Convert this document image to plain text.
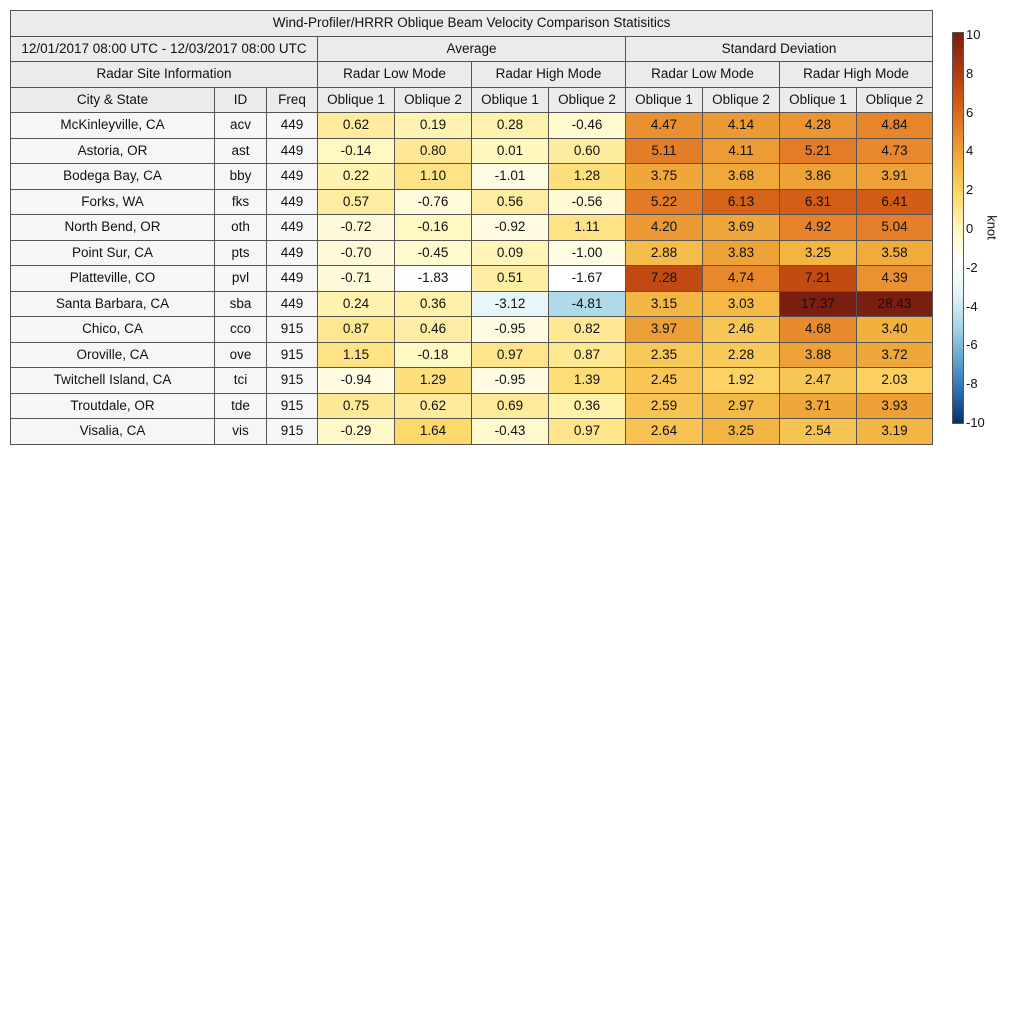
Wind-Profiler/HRRR Oblique Beam Velocity Comparison Statisitics										
12/01/2017 08:00 UTC - 12/03/2017 08:00 UTC			Average				Standard Deviation			
Radar Site Information			Radar Low Mode		Radar High Mode		Radar Low Mode		Radar High Mode	
City & State	ID	Freq	Oblique 1	Oblique 2	Oblique 1	Oblique 2	Oblique 1	Oblique 2	Oblique 1	Oblique 2
McKinleyville, CA	acv	449	0.62	0.19	0.28	-0.46	4.47	4.14	4.28	4.84
Astoria, OR	ast	449	-0.14	0.80	0.01	0.60	5.11	4.11	5.21	4.73
Bodega Bay, CA	bby	449	0.22	1.10	-1.01	1.28	3.75	3.68	3.86	3.91
Forks, WA	fks	449	0.57	-0.76	0.56	-0.56	5.22	6.13	6.31	6.41
North Bend, OR	oth	449	-0.72	-0.16	-0.92	1.11	4.20	3.69	4.92	5.04
Point Sur, CA	pts	449	-0.70	-0.45	0.09	-1.00	2.88	3.83	3.25	3.58
Platteville, CO	pvl	449	-0.71	-1.83	0.51	-1.67	7.28	4.74	7.21	4.39
Santa Barbara, CA	sba	449	0.24	0.36	-3.12	-4.81	3.15	3.03	17.37	28.43
Chico, CA	cco	915	0.87	0.46	-0.95	0.82	3.97	2.46	4.68	3.40
Oroville, CA	ove	915	1.15	-0.18	0.97	0.87	2.35	2.28	3.88	3.72
Twitchell Island, CA	tci	915	-0.94	1.29	-0.95	1.39	2.45	1.92	2.47	2.03
Troutdale, OR	tde	915	0.75	0.62	0.69	0.36	2.59	2.97	3.71	3.93
Visalia, CA	vis	915	-0.29	1.64	-0.43	0.97	2.64	3.25	2.54	3.19
10
8
6
4
2
0
-2
-4
-6
-8
-10
knot
